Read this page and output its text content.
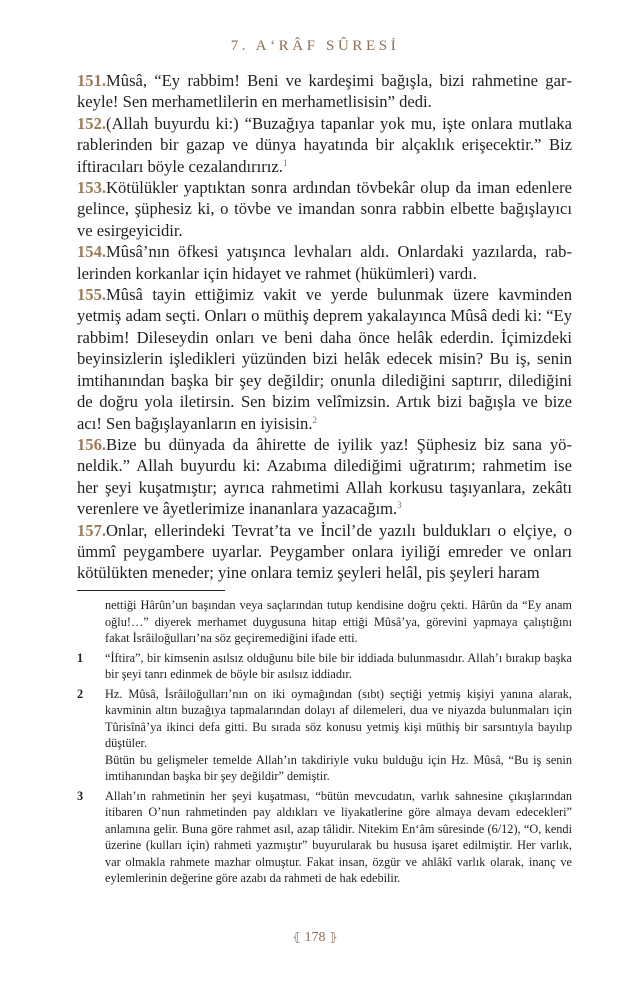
7. A‘RÂF SÛRESİ

151.Mûsâ, “Ey rabbim! Beni ve kardeşimi bağışla, bizi rahmetine garkeyle! Sen merhametlilerin en merhametlisisin” dedi.

152.(Allah buyurdu ki:) “Buzağıya tapanlar yok mu, işte onlara mutlaka rablerinden bir gazap ve dünya hayatında bir alçaklık erişecektir.” Biz iftiracıları böyle cezalandırırız.$^1$

153.Kötülükler yaptıktan sonra ardından tövbekâr olup da iman edenlere gelince, şüphesiz ki, o tövbe ve imandan sonra rabbin elbette bağışlayıcı ve esirgeyicidir.

154.Mûsâ’nın öfkesi yatışınca levhaları aldı. Onlardaki yazılarda, rablerinden korkanlar için hidayet ve rahmet (hükümleri) vardı.

155.Mûsâ tayin ettiğimiz vakit ve yerde bulunmak üzere kavminden yetmiş adam seçti. Onları o müthiş deprem yakalayınca Mûsâ dedi ki: “Ey rabbim! Dileseydin onları ve beni daha önce helâk ederdin. İçimizdeki beyinsizlerin işledikleri yüzünden bizi helâk edecek misin? Bu iş, senin imtihanından başka bir şey değildir; onunla dilediğini saptırır, dilediğini de doğru yola iletirsin. Sen bizim velîmizsin. Artık bizi bağışla ve bize acı! Sen bağışlayanların en iyisisin.$^2$

156.Bize bu dünyada da âhirette de iyilik yaz! Şüphesiz biz sana yöneldik.” Allah buyurdu ki: Azabıma dilediğimi uğratırım; rahmetim ise her şeyi kuşatmıştır; ayrıca rahmetimi Allah korkusu taşıyanlara, zekâtı verenlere ve âyetlerimize inananlara yazacağım.$^3$

157.Onlar, ellerindeki Tevrat’ta ve İncil’de yazılı buldukları o elçiye, o ümmî peygambere uyarlar. Peygamber onlara iyiliği emreder ve onları kötülükten meneder; yine onlara temiz şeyleri helâl, pis şeyleri haram

nettiği Hârûn’un başından veya saçlarından tutup kendisine doğru çekti. Hârûn da “Ey anam oğlu!…” diyerek merhamet duygusuna hitap ettiği Mûsâ’ya, görevini yapmaya çalıştığını fakat İsrâiloğulları’na söz geçiremediğini ifade etti.

1	“İftira”, bir kimsenin asılsız olduğunu bile bile bir iddiada bulunmasıdır. Allah’ı bırakıp başka bir şeyi tanrı edinmek de böyle bir asılsız iddiadır.

2	Hz. Mûsâ, İsrâiloğulları’nın on iki oymağından (sıbt) seçtiği yetmiş kişiyi yanına alarak, kavminin altın buzağıya tapmalarından dolayı af dilemeleri, dua ve niyazda bulunmaları için Tûrisînâ’ya ikinci defa gitti. Bu sırada söz konusu yetmiş kişi müthiş bir sarsıntıyla bayılıp düştüler.

Bütün bu gelişmeler temelde Allah’ın takdiriyle vuku bulduğu için Hz. Mûsâ, “Bu iş senin imtihanından başka bir şey değildir” demiştir.

3	Allah’ın rahmetinin her şeyi kuşatması, “bütün mevcudatın, varlık sahnesine çıkışlarından itibaren O’nun rahmetinden pay aldıkları ve liyakatlerine göre almaya devam edecekleri” anlamına gelir. Buna göre rahmet asıl, azap tâlidir. Nitekim En‘âm sûresinde (6/12), “O, kendi üzerine (kulları için) rahmeti yazmıştır” buyurularak bu hususa işaret edilmiştir. Her varlık, var olmakla rahmete mazhar olmuştur. Fakat insan, özgür ve ahlâkî varlık olarak, inanç ve eylemlerinin değerine göre azabı da rahmeti de hak edebilir.

⦃ 178 ⦄
